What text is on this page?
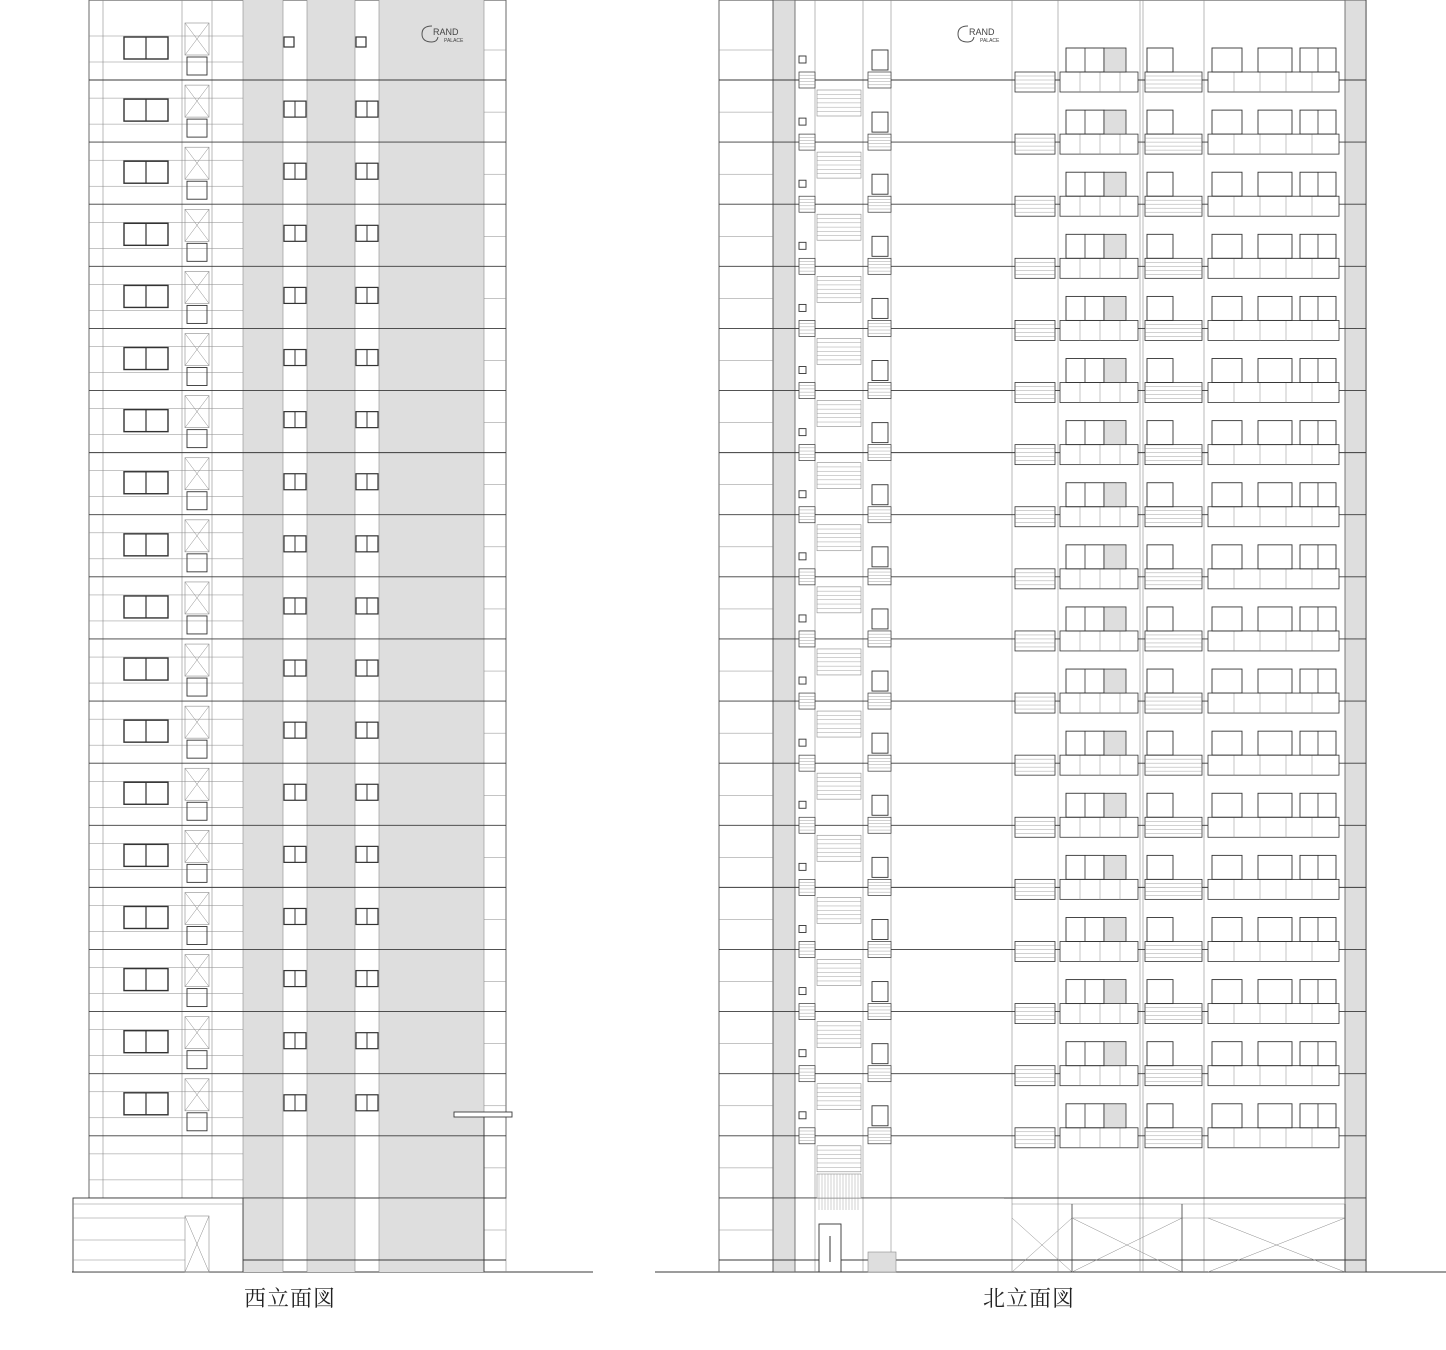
RAND
PALACE
RAND
PALACE
西立面図	北立面図
